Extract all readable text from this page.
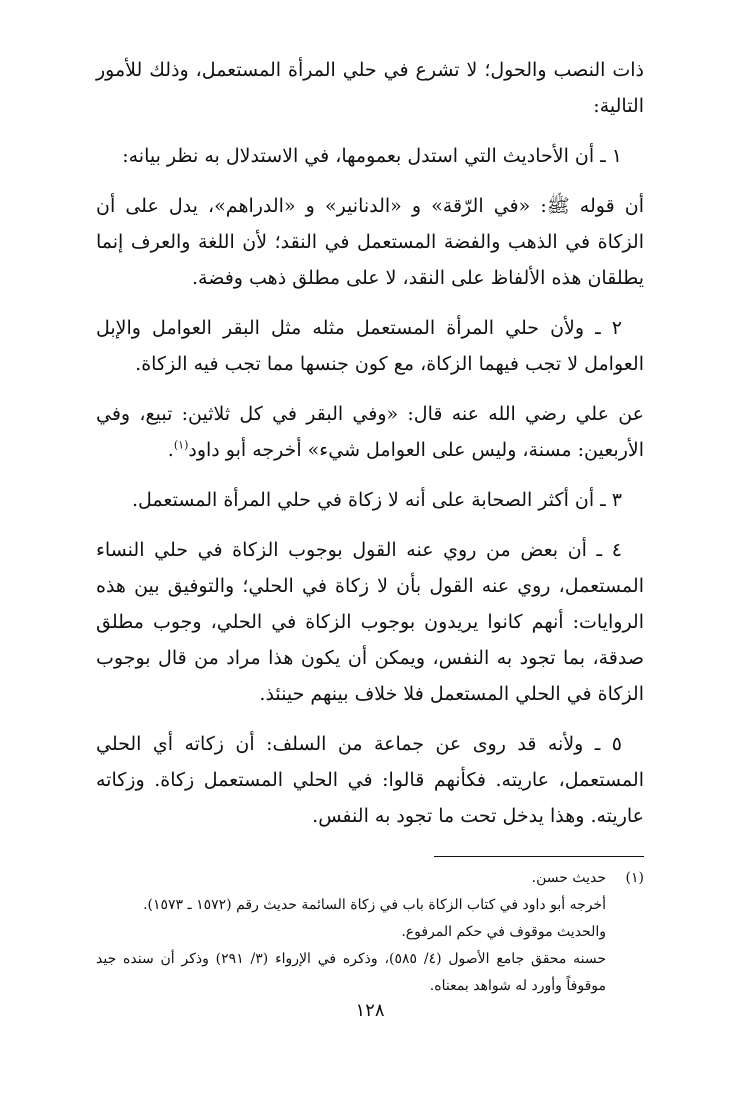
ذات النصب والحول؛ لا تشرع في حلي المرأة المستعمل، وذلك للأمور التالية:

١ ـ أن الأحاديث التي استدل بعمومها، في الاستدلال به نظر بيانه:

أن قوله ﷺ: «في الرّقة» و «الدنانير» و «الدراهم»، يدل على أن الزكاة في الذهب والفضة المستعمل في النقد؛ لأن اللغة والعرف إنما يطلقان هذه الألفاظ على النقد، لا على مطلق ذهب وفضة.

٢ ـ ولأن حلي المرأة المستعمل مثله مثل البقر العوامل والإبل العوامل لا تجب فيهما الزكاة، مع كون جنسها مما تجب فيه الزكاة.

عن علي رضي الله عنه قال: «وفي البقر في كل ثلاثين: تبيع، وفي الأربعين: مسنة، وليس على العوامل شيء» أخرجه أبو داود$^{(١)}$.

٣ ـ أن أكثر الصحابة على أنه لا زكاة في حلي المرأة المستعمل.

٤ ـ أن بعض من روي عنه القول بوجوب الزكاة في حلي النساء المستعمل، روي عنه القول بأن لا زكاة في الحلي؛ والتوفيق بين هذه الروايات: أنهم كانوا يريدون بوجوب الزكاة في الحلي، وجوب مطلق صدقة، بما تجود به النفس، ويمكن أن يكون هذا مراد من قال بوجوب الزكاة في الحلي المستعمل فلا خلاف بينهم حينئذ.

٥ ـ ولأنه قد روى عن جماعة من السلف: أن زكاته أي الحلي المستعمل، عاريته. فكأنهم قالوا: في الحلي المستعمل زكاة. وزكاته عاريته. وهذا يدخل تحت ما تجود به النفس.

(١)

حديث حسن.

أخرجه أبو داود في كتاب الزكاة باب في زكاة السائمة حديث رقم (١٥٧٢ ـ ١٥٧٣).

والحديث موقوف في حكم المرفوع.

حسنه محقق جامع الأصول (٤/ ٥٨٥)، وذكره في الإرواء (٣/ ٢٩١) وذكر أن سنده جيد موقوفاً وأورد له شواهد بمعناه.

١٢٨
